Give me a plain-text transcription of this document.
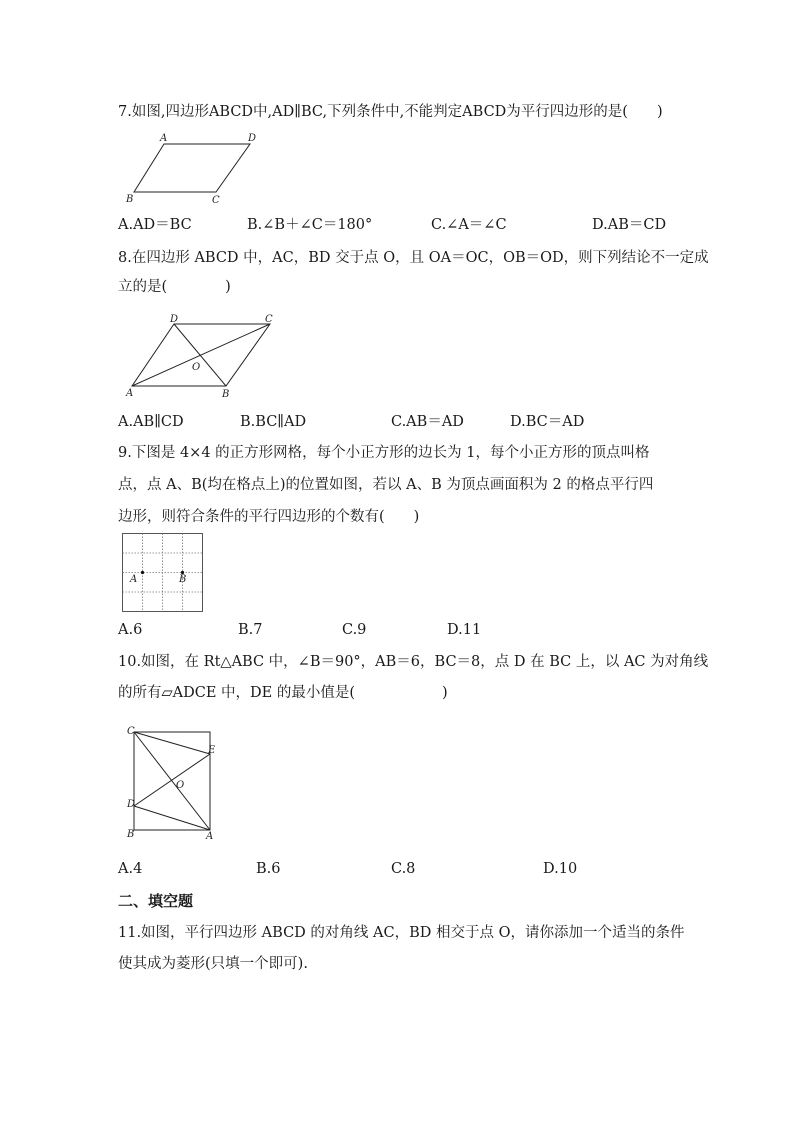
7.如图,四边形ABCD中,AD∥BC,下列条件中,不能判定ABCD为平行四边形的是(　　)
A	D
B	C
A.AD＝BC	B.∠B＋∠C＝180°	C.∠A＝∠C	D.AB＝CD
8.在四边形 ABCD 中，AC，BD 交于点 O，且 OA＝OC，OB＝OD，则下列结论不一定成
立的是(　　　　)
D	C
A	B
O
A.AB∥CD	B.BC∥AD	C.AB＝AD	D.BC＝AD
9.下图是 4×4 的正方形网格，每个小正方形的边长为 1，每个小正方形的顶点叫格
点，点 A、B(均在格点上)的位置如图，若以 A、B 为顶点画面积为 2 的格点平行四
边形，则符合条件的平行四边形的个数有(　　)
A	B
A.6	B.7	C.9	D.11
10.如图，在 Rt△ABC 中，∠B＝90°，AB＝6，BC＝8，点 D 在 BC 上，以 AC 为对角线
的所有▱ADCE 中，DE 的最小值是(　　　　　　)
C
E
D
B	A
O
A.4	B.6	C.8	D.10
二、填空题
11.如图，平行四边形 ABCD 的对角线 AC，BD 相交于点 O，请你添加一个适当的条件
使其成为菱形(只填一个即可).
